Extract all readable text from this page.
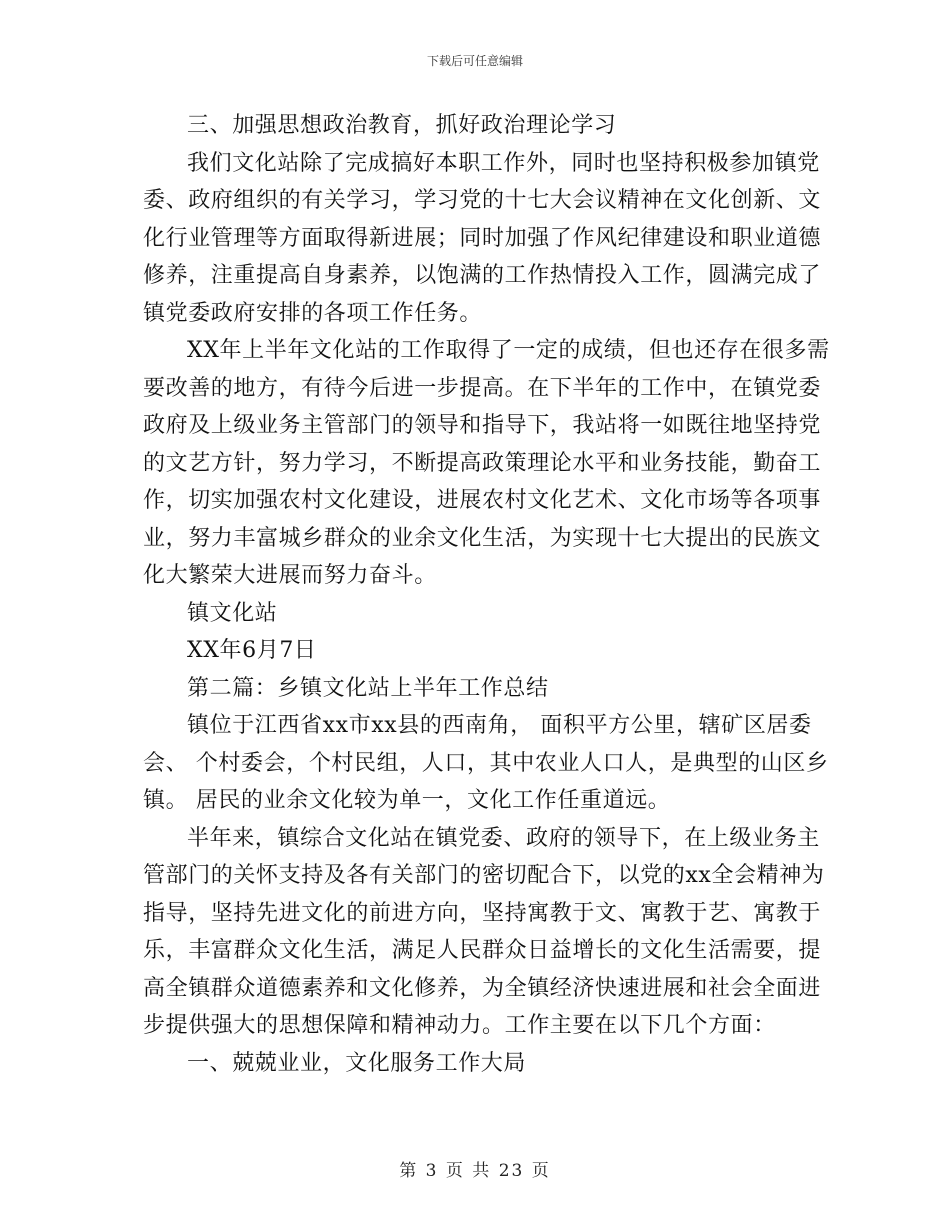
下载后可任意编辑
三、加强思想政治教育，抓好政治理论学习
我们文化站除了完成搞好本职工作外，同时也坚持积极参加镇党
委、政府组织的有关学习，学习党的十七大会议精神在文化创新、文
化行业管理等方面取得新进展；同时加强了作风纪律建设和职业道德
修养，注重提高自身素养，以饱满的工作热情投入工作，圆满完成了
镇党委政府安排的各项工作任务。
XX年上半年文化站的工作取得了一定的成绩，但也还存在很多需
要改善的地方，有待今后进一步提高。在下半年的工作中，在镇党委
政府及上级业务主管部门的领导和指导下，我站将一如既往地坚持党
的文艺方针，努力学习，不断提高政策理论水平和业务技能，勤奋工
作，切实加强农村文化建设，进展农村文化艺术、文化市场等各项事
业，努力丰富城乡群众的业余文化生活，为实现十七大提出的民族文
化大繁荣大进展而努力奋斗。
镇文化站
XX年6月7日
第二篇：乡镇文化站上半年工作总结
镇位于江西省xx市xx县的西南角， 面积平方公里，辖矿区居委
会、 个村委会，个村民组，人口，其中农业人口人，是典型的山区乡
镇。 居民的业余文化较为单一，文化工作任重道远。
半年来，镇综合文化站在镇党委、政府的领导下，在上级业务主
管部门的关怀支持及各有关部门的密切配合下，以党的xx全会精神为
指导，坚持先进文化的前进方向，坚持寓教于文、寓教于艺、寓教于
乐，丰富群众文化生活，满足人民群众日益增长的文化生活需要，提
高全镇群众道德素养和文化修养，为全镇经济快速进展和社会全面进
步提供强大的思想保障和精神动力。工作主要在以下几个方面：
一、兢兢业业，文化服务工作大局
第 3 页 共 23 页
